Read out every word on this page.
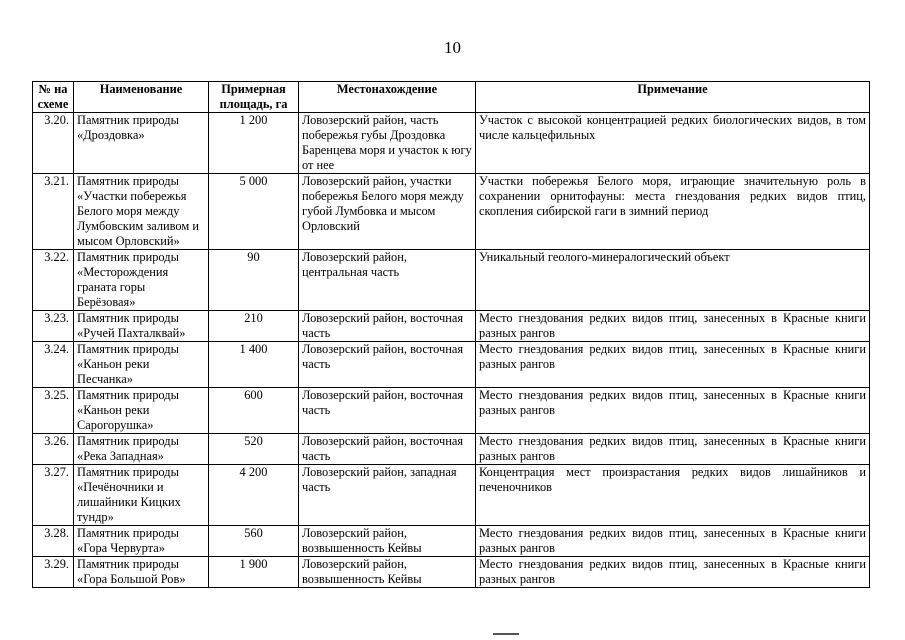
10
№ на схеме	Наименование	Примерная площадь, га	Местонахождение	Примечание
3.20.	Памятник природы «Дроздовка»	1 200	Ловозерский район, часть побережья губы Дроздовка Баренцева моря и участок к югу от нее	Участок с высокой концентрацией редких биологических видов, в том числе кальцефильных
3.21.	Памятник природы «Участки побережья Белого моря между Лумбовским заливом и мысом Орловский»	5 000	Ловозерский район, участки побережья Белого моря между губой Лумбовка и мысом Орловский	Участки побережья Белого моря, играющие значительную роль в сохранении орнитофауны: места гнездования редких видов птиц, скопления сибирской гаги в зимний период
3.22.	Памятник природы «Месторождения граната горы Берёзовая»	90	Ловозерский район, центральная часть	Уникальный геолого-минералогический объект
3.23.	Памятник природы «Ручей Пахталквай»	210	Ловозерский район, восточная часть	Место гнездования редких видов птиц, занесенных в Красные книги разных рангов
3.24.	Памятник природы «Каньон реки Песчанка»	1 400	Ловозерский район, восточная часть	Место гнездования редких видов птиц, занесенных в Красные книги разных рангов
3.25.	Памятник природы «Каньон реки Сарогорушка»	600	Ловозерский район, восточная часть	Место гнездования редких видов птиц, занесенных в Красные книги разных рангов
3.26.	Памятник природы «Река Западная»	520	Ловозерский район, восточная часть	Место гнездования редких видов птиц, занесенных в Красные книги разных рангов
3.27.	Памятник природы «Печёночники и лишайники Кицких тундр»	4 200	Ловозерский район, западная часть	Концентрация мест произрастания редких видов лишайников и печеночников
3.28.	Памятник природы «Гора Червурта»	560	Ловозерский район, возвышенность Кейвы	Место гнездования редких видов птиц, занесенных в Красные книги разных рангов
3.29.	Памятник природы «Гора Большой Ров»	1 900	Ловозерский район, возвышенность Кейвы	Место гнездования редких видов птиц, занесенных в Красные книги разных рангов
